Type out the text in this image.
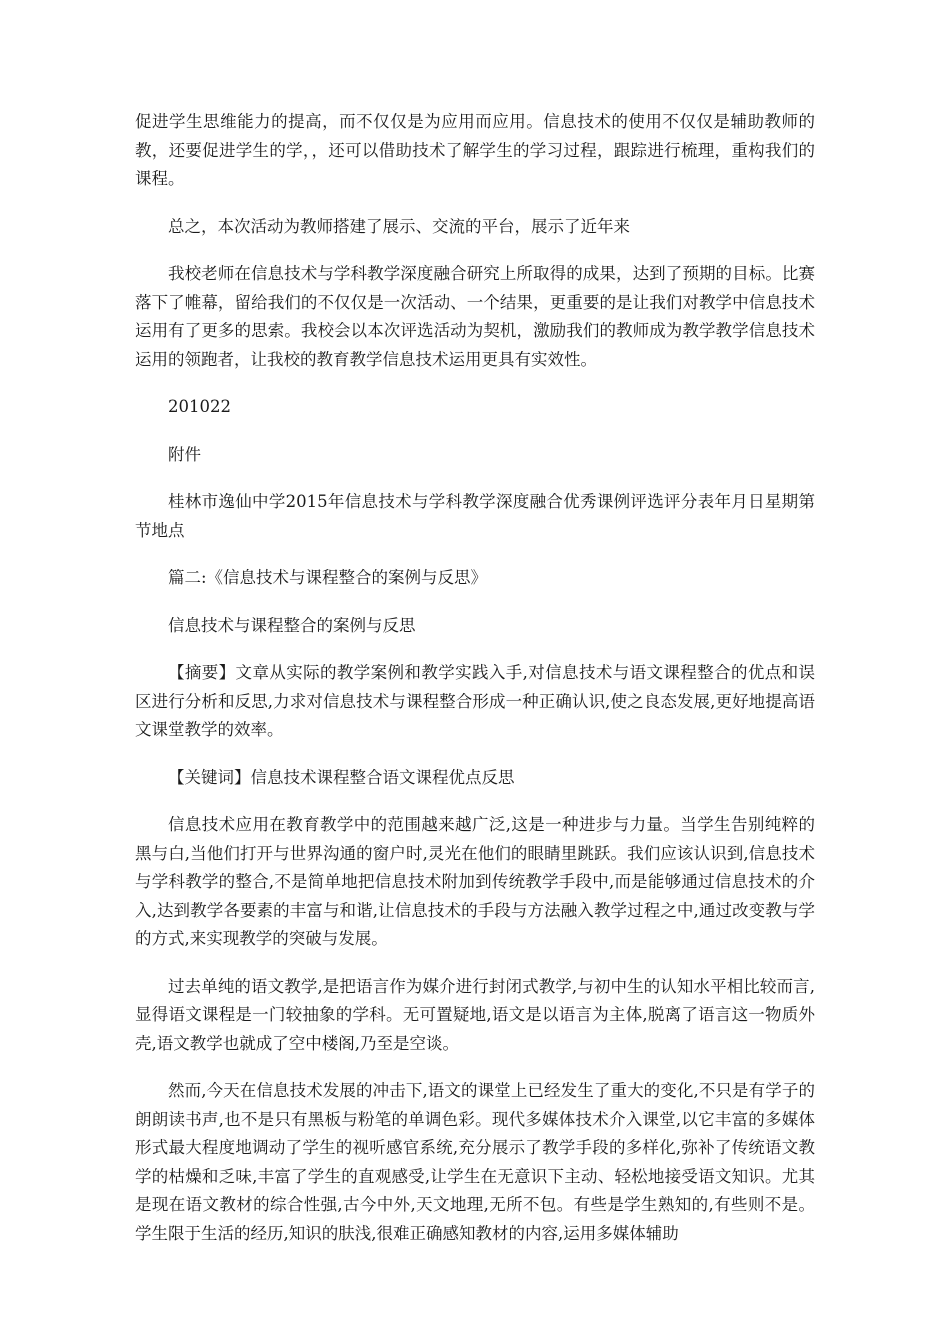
促进学生思维能力的提高，而不仅仅是为应用而应用。信息技术的使用不仅仅是辅助教师的教，还要促进学生的学，，还可以借助技术了解学生的学习过程，跟踪进行梳理，重构我们的课程。

总之，本次活动为教师搭建了展示、交流的平台，展示了近年来

我校老师在信息技术与学科教学深度融合研究上所取得的成果，达到了预期的目标。比赛落下了帷幕，留给我们的不仅仅是一次活动、一个结果，更重要的是让我们对教学中信息技术运用有了更多的思索。我校会以本次评选活动为契机，激励我们的教师成为教学教学信息技术运用的领跑者，让我校的教育教学信息技术运用更具有实效性。

201022

附件

桂林市逸仙中学2015年信息技术与学科教学深度融合优秀课例评选评分表年月日星期第节地点

篇二:《信息技术与课程整合的案例与反思》

信息技术与课程整合的案例与反思

【摘要】文章从实际的教学案例和教学实践入手,对信息技术与语文课程整合的优点和误区进行分析和反思,力求对信息技术与课程整合形成一种正确认识,使之良态发展,更好地提高语文课堂教学的效率。

【关键词】信息技术课程整合语文课程优点反思

信息技术应用在教育教学中的范围越来越广泛,这是一种进步与力量。当学生告别纯粹的黑与白,当他们打开与世界沟通的窗户时,灵光在他们的眼睛里跳跃。我们应该认识到,信息技术与学科教学的整合,不是简单地把信息技术附加到传统教学手段中,而是能够通过信息技术的介入,达到教学各要素的丰富与和谐,让信息技术的手段与方法融入教学过程之中,通过改变教与学的方式,来实现教学的突破与发展。

过去单纯的语文教学,是把语言作为媒介进行封闭式教学,与初中生的认知水平相比较而言,显得语文课程是一门较抽象的学科。无可置疑地,语文是以语言为主体,脱离了语言这一物质外壳,语文教学也就成了空中楼阁,乃至是空谈。

然而,今天在信息技术发展的冲击下,语文的课堂上已经发生了重大的变化,不只是有学子的朗朗读书声,也不是只有黑板与粉笔的单调色彩。现代多媒体技术介入课堂,以它丰富的多媒体形式最大程度地调动了学生的视听感官系统,充分展示了教学手段的多样化,弥补了传统语文教学的枯燥和乏味,丰富了学生的直观感受,让学生在无意识下主动、轻松地接受语文知识。尤其是现在语文教材的综合性强,古今中外,天文地理,无所不包。有些是学生熟知的,有些则不是。学生限于生活的经历,知识的肤浅,很难正确感知教材的内容,运用多媒体辅助
